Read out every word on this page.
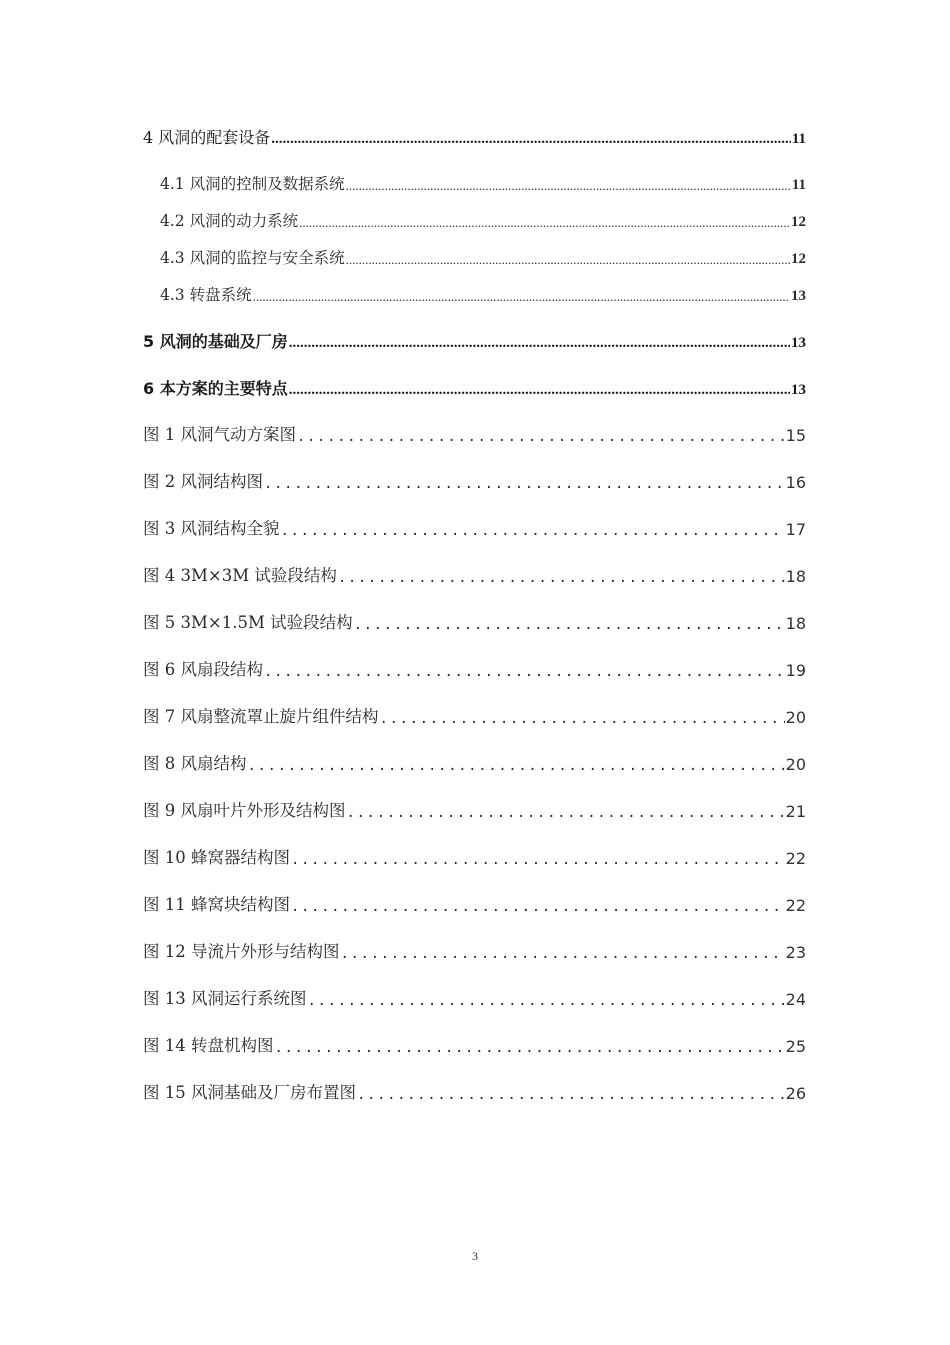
4 风洞的配套设备 .....	11
4.1 风洞的控制及数据系统 .....	11
4.2 风洞的动力系统 .....	12
4.3 风洞的监控与安全系统 .....	12
4.3 转盘系统 .....	13
5 风洞的基础及厂房 .....	13
6 本方案的主要特点 .....	13
图 1 风洞气动方案图 .....	15
图 2 风洞结构图 .....	16
图 3 风洞结构全貌 .....	17
图 4 3M×3M 试验段结构 .....	18
图 5 3M×1.5M 试验段结构 .....	18
图 6 风扇段结构 .....	19
图 7 风扇整流罩止旋片组件结构 .....	20
图 8 风扇结构 .....	20
图 9 风扇叶片外形及结构图 .....	21
图 10 蜂窝器结构图 .....	22
图 11 蜂窝块结构图 .....	22
图 12 导流片外形与结构图 .....	23
图 13 风洞运行系统图 .....	24
图 14 转盘机构图 .....	25
图 15 风洞基础及厂房布置图 .....	26
3
